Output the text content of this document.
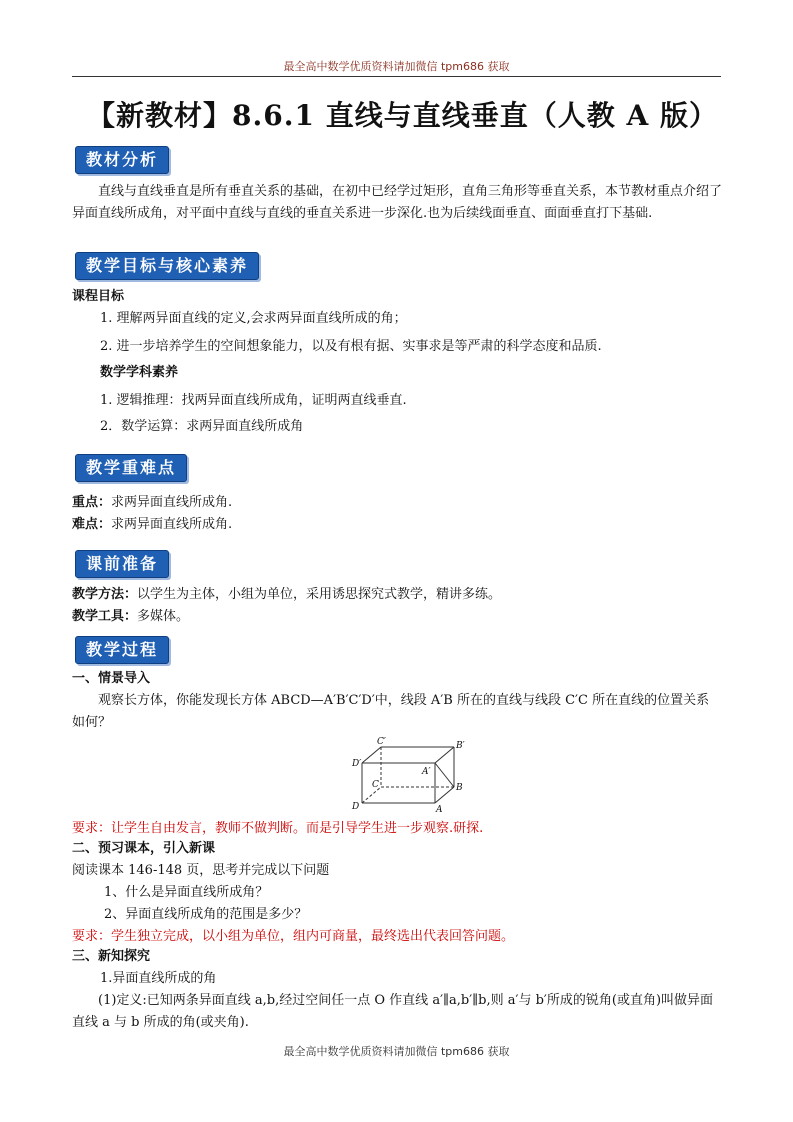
最全高中数学优质资料请加微信 tpm686 获取
【新教材】8.6.1 直线与直线垂直（人教 A 版）
教材分析
直线与直线垂直是所有垂直关系的基础，在初中已经学过矩形，直角三角形等垂直关系，本节教材重点介绍了异面直线所成角，对平面中直线与直线的垂直关系进一步深化.也为后续线面垂直、面面垂直打下基础.
教学目标与核心素养
课程目标
1. 理解两异面直线的定义,会求两异面直线所成的角；
2. 进一步培养学生的空间想象能力，以及有根有据、实事求是等严肃的科学态度和品质.
数学学科素养
1. 逻辑推理：找两异面直线所成角，证明两直线垂直.
2．数学运算：求两异面直线所成角
教学重难点
重点：求两异面直线所成角.
难点：求两异面直线所成角.
课前准备
教学方法：以学生为主体，小组为单位，采用诱思探究式教学，精讲多练。
教学工具：多媒体。
教学过程
一、情景导入
观察长方体，你能发现长方体 ABCD—A′B′C′D′中，线段 A′B 所在的直线与线段 C′C 所在直线的位置关系如何？
C′	B′
D′
A′
C	B
D	A
要求：让学生自由发言，教师不做判断。而是引导学生进一步观察.研探.
二、预习课本，引入新课
阅读课本 146-148 页，思考并完成以下问题
1、什么是异面直线所成角？
2、异面直线所成角的范围是多少？
要求：学生独立完成，以小组为单位，组内可商量，最终选出代表回答问题。
三、新知探究
1.异面直线所成的角
(1)定义:已知两条异面直线 a,b,经过空间任一点 O 作直线 a′∥a,b′∥b,则 a′与 b′所成的锐角(或直角)叫做异面直线 a 与 b 所成的角(或夹角).
最全高中数学优质资料请加微信 tpm686 获取
